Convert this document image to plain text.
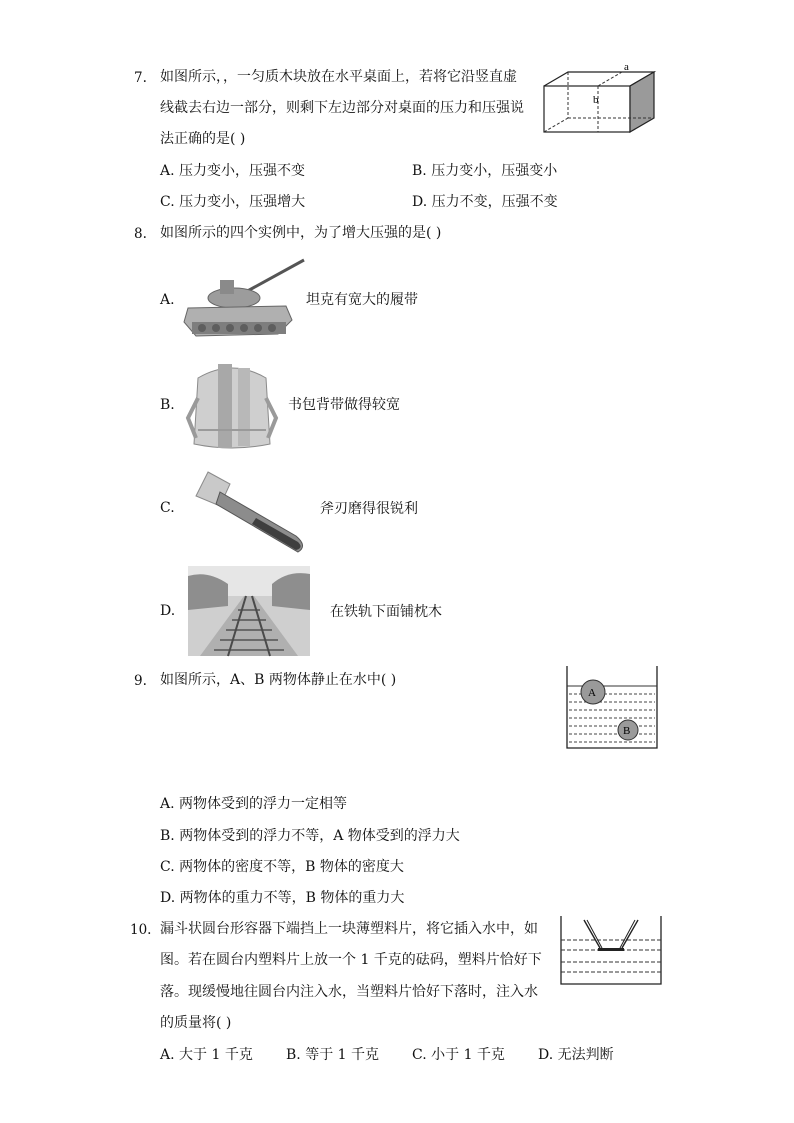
7. 如图所示，，一匀质木块放在水平桌面上，若将它沿竖直虚
线截去右边一部分，则剩下左边部分对桌面的压力和压强说
法正确的是( )
a
b
A. 压力变小，压强不变	B. 压力变小，压强变小
C. 压力变小，压强增大	D. 压力不变，压强不变
8. 如图所示的四个实例中，为了增大压强的是( )
A.	坦克有宽大的履带
B.	书包背带做得较宽
C.	斧刃磨得很锐利
D.	在铁轨下面铺枕木
9. 如图所示，A、B 两物体静止在水中( )
A
B
A. 两物体受到的浮力一定相等
B. 两物体受到的浮力不等，A 物体受到的浮力大
C. 两物体的密度不等，B 物体的密度大
D. 两物体的重力不等，B 物体的重力大
10. 漏斗状圆台形容器下端挡上一块薄塑料片，将它插入水中，如
图。若在圆台内塑料片上放一个 1 千克的砝码，塑料片恰好下
落。现缓慢地往圆台内注入水，当塑料片恰好下落时，注入水
的质量将( )
A. 大于 1 千克 B. 等于 1 千克 C. 小于 1 千克 D. 无法判断
